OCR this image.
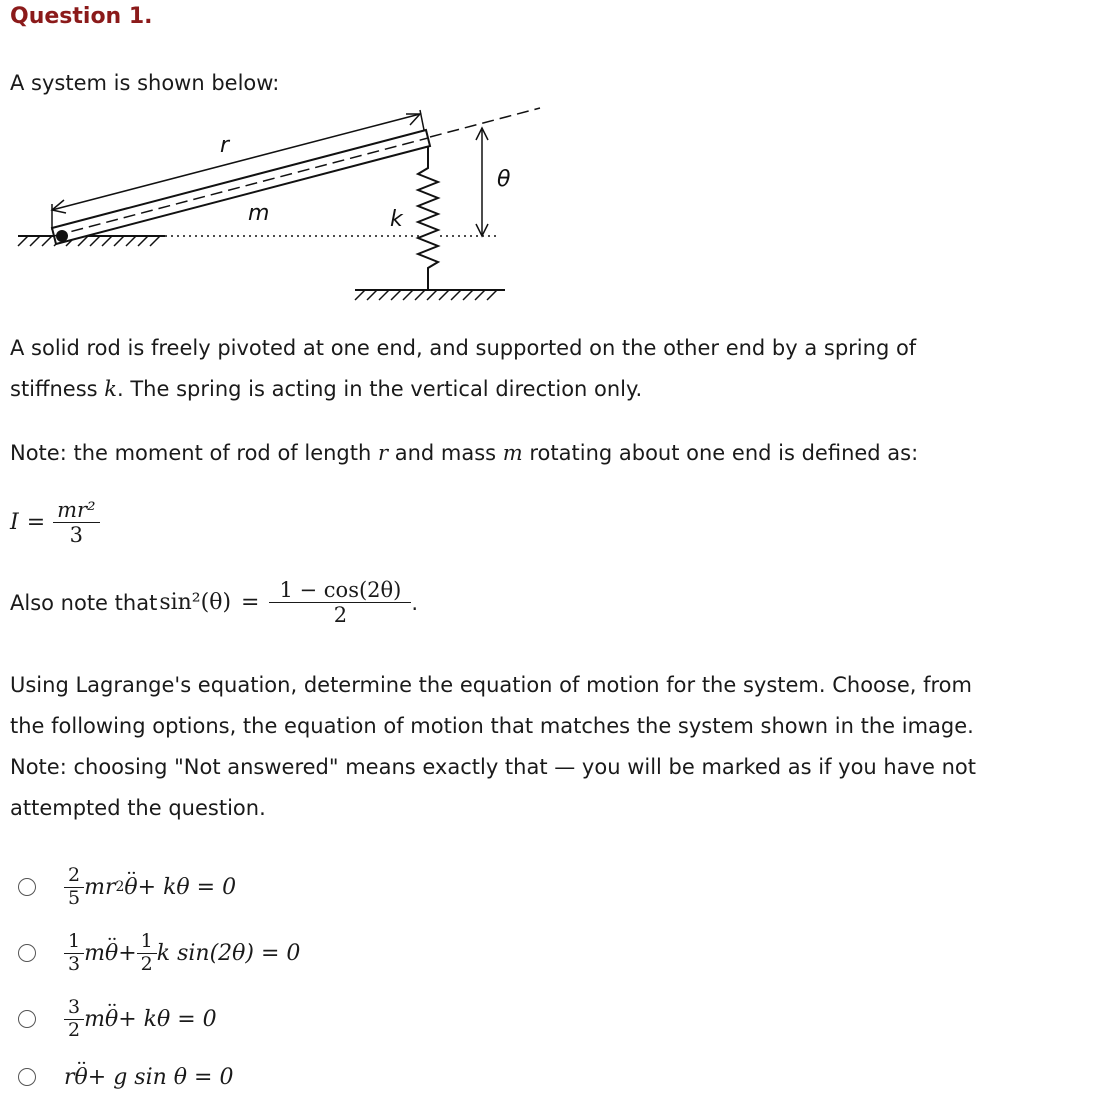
Question 1.
A system is shown below:
r
m	k
θ
A solid rod is freely pivoted at one end, and supported on the other end by a spring of
stiffness k. The spring is acting in the vertical direction only.
Note: the moment of rod of length r and mass m rotating about one end is defined as:
$I = \frac{\text{mr²}}{3}$
Also note that $\sin^2(\theta) = \frac{1 - \cos(2\theta)}{2}$ .
Using Lagrange's equation, determine the equation of motion for the system. Choose, from
the following options, the equation of motion that matches the system shown in the image.
Note: choosing "Not answered" means exactly that — you will be marked as if you have not
attempted the question.
$\frac{2}{5}$ mr 2 θ ·· + kθ = 0
$\frac{1}{3}$ m θ ·· + $\frac{1}{2}$ k sin(2θ) = 0
$\frac{3}{2}$ m θ ·· + kθ = 0
r θ ·· + g sin θ = 0
